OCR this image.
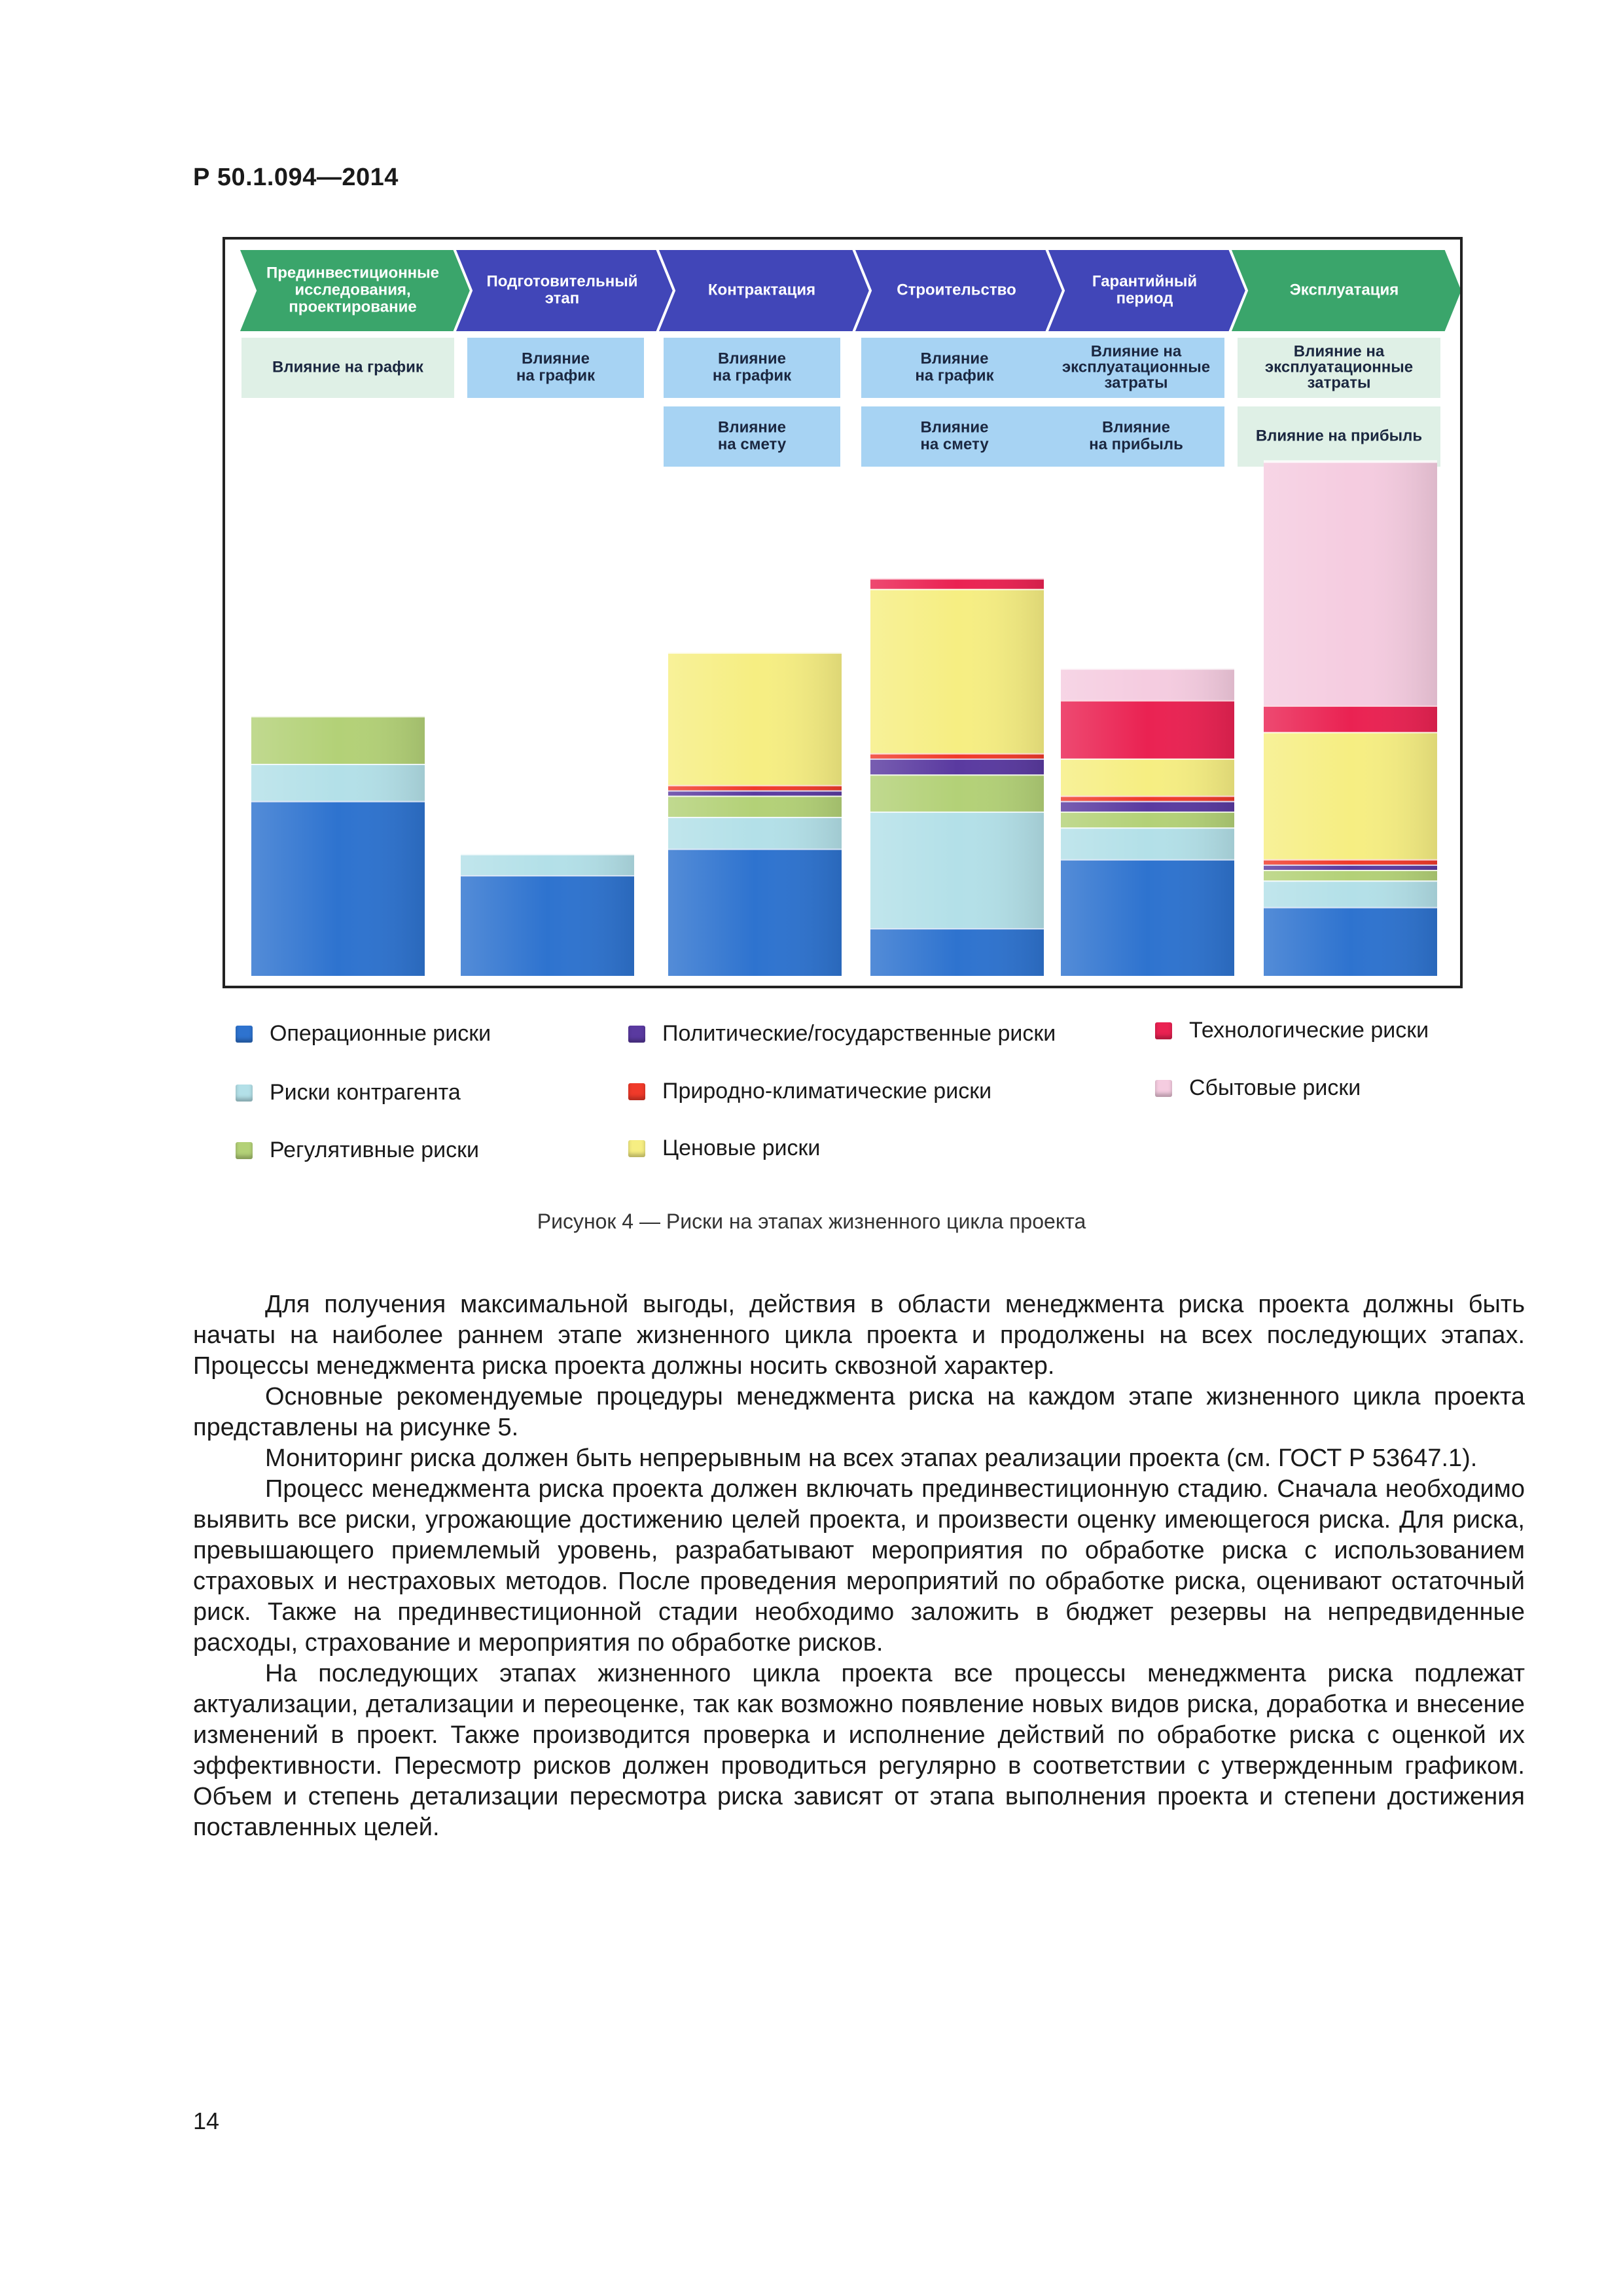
Р 50.1.094—2014
Прединвестиционные исследования, проектирование
Подготовительный этап	Контрактация	Строительство	Гарантийный период	Эксплуатация
Влияние на график	Влияние на график
Влияние на график
Влияние на смету
Влияние на график
Влияние на смету
Влияние на эксплуатационные затраты
Влияние на прибыль
Влияние на эксплуатационные затраты
Влияние на прибыль
Операционные риски
Риски контрагента
Регулятивные риски
Политические/государственные риски
Природно-климатические риски
Ценовые риски
Технологические риски
Сбытовые риски
Рисунок 4 — Риски на этапах жизненного цикла проекта

Для получения максимальной выгоды, действия в области менеджмента риска проекта должны быть начаты на наиболее раннем этапе жизненного цикла проекта и продолжены на всех последующих этапах. Процессы менеджмента риска проекта должны носить сквозной характер.

Основные рекомендуемые процедуры менеджмента риска на каждом этапе жизненного цикла проекта представлены на рисунке 5.

Мониторинг риска должен быть непрерывным на всех этапах реализации проекта (см. ГОСТ Р 53647.1).

Процесс менеджмента риска проекта должен включать прединвестиционную стадию. Сначала необходимо выявить все риски, угрожающие достижению целей проекта, и произвести оценку имеющегося риска. Для риска, превышающего приемлемый уровень, разрабатывают мероприятия по обработке риска с использованием страховых и нестраховых методов. После проведения мероприятий по обработке риска, оценивают остаточный риск. Также на прединвестиционной стадии необходимо заложить в бюджет резервы на непредвиденные расходы, страхование и мероприятия по обработке рисков.

На последующих этапах жизненного цикла проекта все процессы менеджмента риска подлежат актуализации, детализации и переоценке, так как возможно появление новых видов риска, доработка и внесение изменений в проект. Также производится проверка и исполнение действий по обработке риска с оценкой их эффективности. Пересмотр рисков должен проводиться регулярно в соответствии с утвержденным графиком. Объем и степень детализации пересмотра риска зависят от этапа выполнения проекта и степени достижения поставленных целей.

14
